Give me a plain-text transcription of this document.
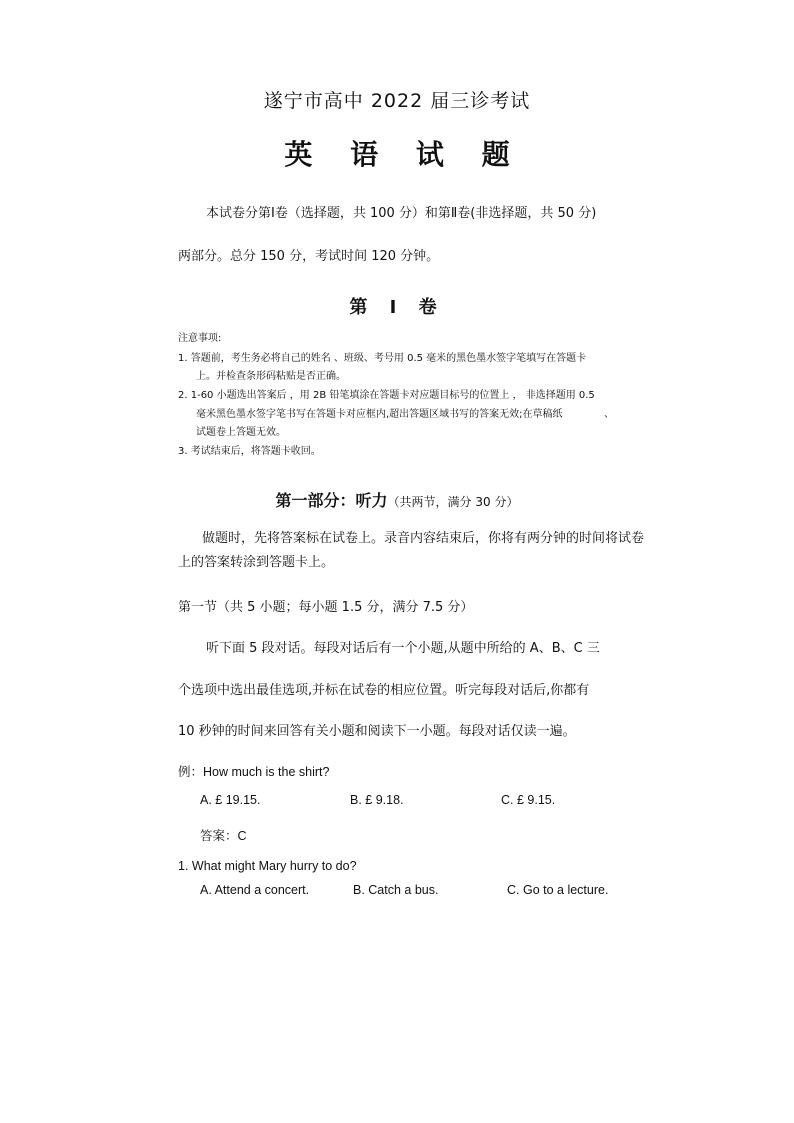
遂宁市高中 2022 届三诊考试
英 语 试 题
本试卷分第Ⅰ卷（选择题，共 100 分）和第Ⅱ卷(非选择题，共 50 分)
两部分。总分 150 分，考试时间 120 分钟。
第 Ⅰ 卷
注意事项:
1. 答题前，考生务必将自己的姓名 、班级、考号用 0.5 毫米的黑色墨水签字笔填写在答题卡
上。并检查条形码粘贴是否正确。
2. 1-60 小题选出答案后 ，用 2B 铅笔填涂在答题卡对应题目标号的位置上 ， 非选择题用 0.5
毫米黑色墨水签字笔书写在答题卡对应框内,超出答题区域书写的答案无效;在草稿纸	、
试题卷上答题无效。
3. 考试结束后，将答题卡收回。
第一部分：听力（共两节，满分 30 分）
做题时，先将答案标在试卷上。录音内容结束后，你将有两分钟的时间将试卷
上的答案转涂到答题卡上。
第一节（共 5 小题；每小题 1.5 分，满分 7.5 分）
听下面 5 段对话。每段对话后有一个小题,从题中所给的 A、B、C 三
个选项中选出最佳选项,并标在试卷的相应位置。听完每段对话后,你都有
10 秒钟的时间来回答有关小题和阅读下一小题。每段对话仅读一遍。
例：How much is the shirt?
A. £ 19.15.	B. £ 9.18.	C. £ 9.15.
答案：C
1. What might Mary hurry to do?
A. Attend a concert.	B. Catch a bus.	C. Go to a lecture.
